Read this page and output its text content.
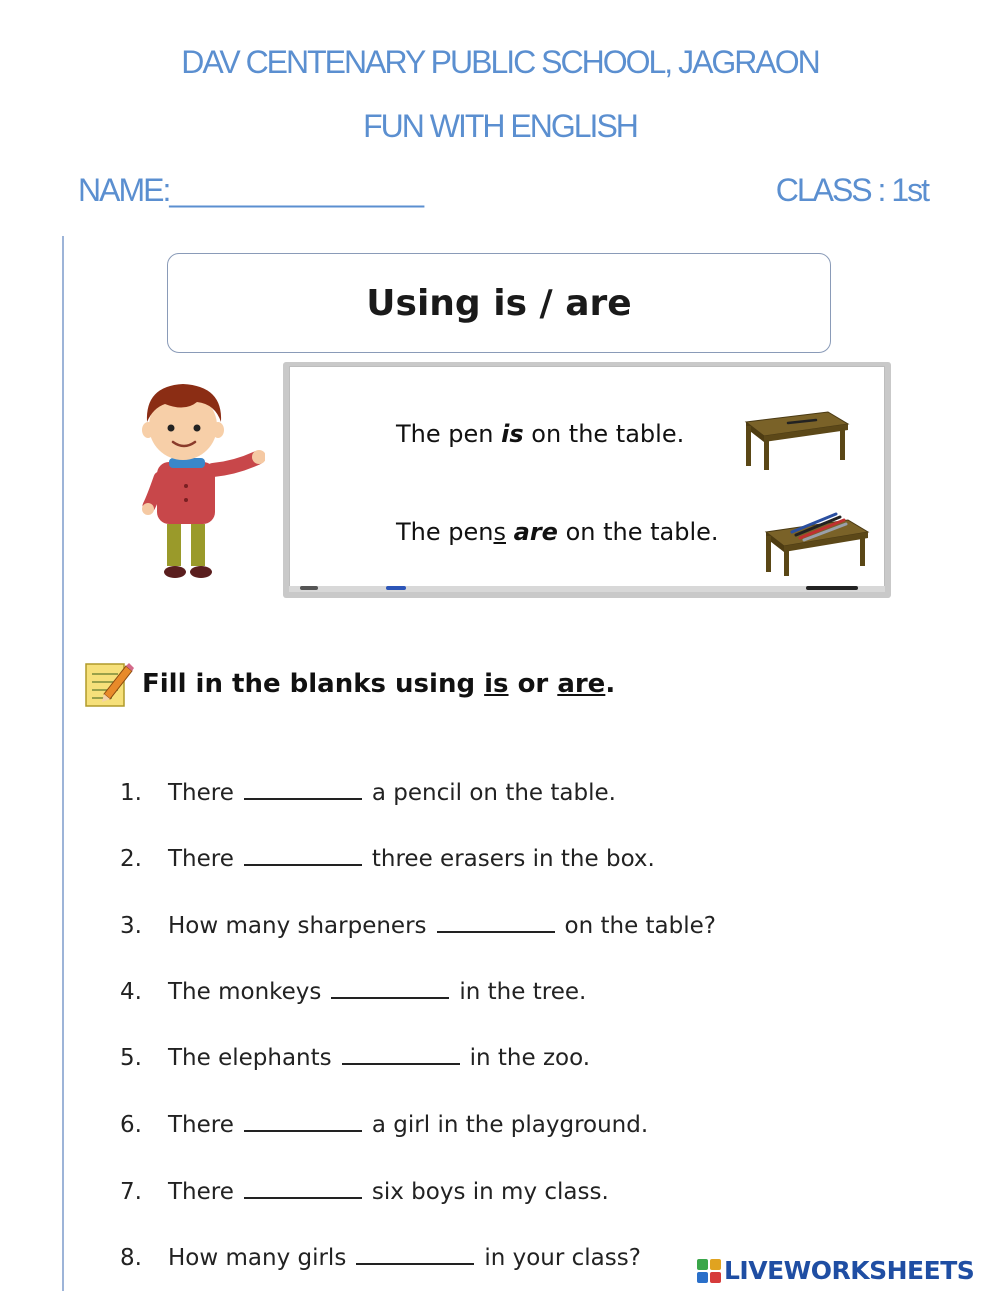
DAV CENTENARY PUBLIC SCHOOL, JAGRAON
FUN WITH ENGLISH
NAME:________________	CLASS : 1st
Using is / are
The pen is on the table.
The pens are on the table.
Fill in the blanks using is or are.
1. There	a pencil on the table.
2. There	three erasers in the box.
3. How many sharpeners	on the table?
4. The monkeys	in the tree.
5. The elephants	in the zoo.
6. There	a girl in the playground.
7. There	six boys in my class.
8. How many girls	in your class?	LIVEWORKSHEETS
